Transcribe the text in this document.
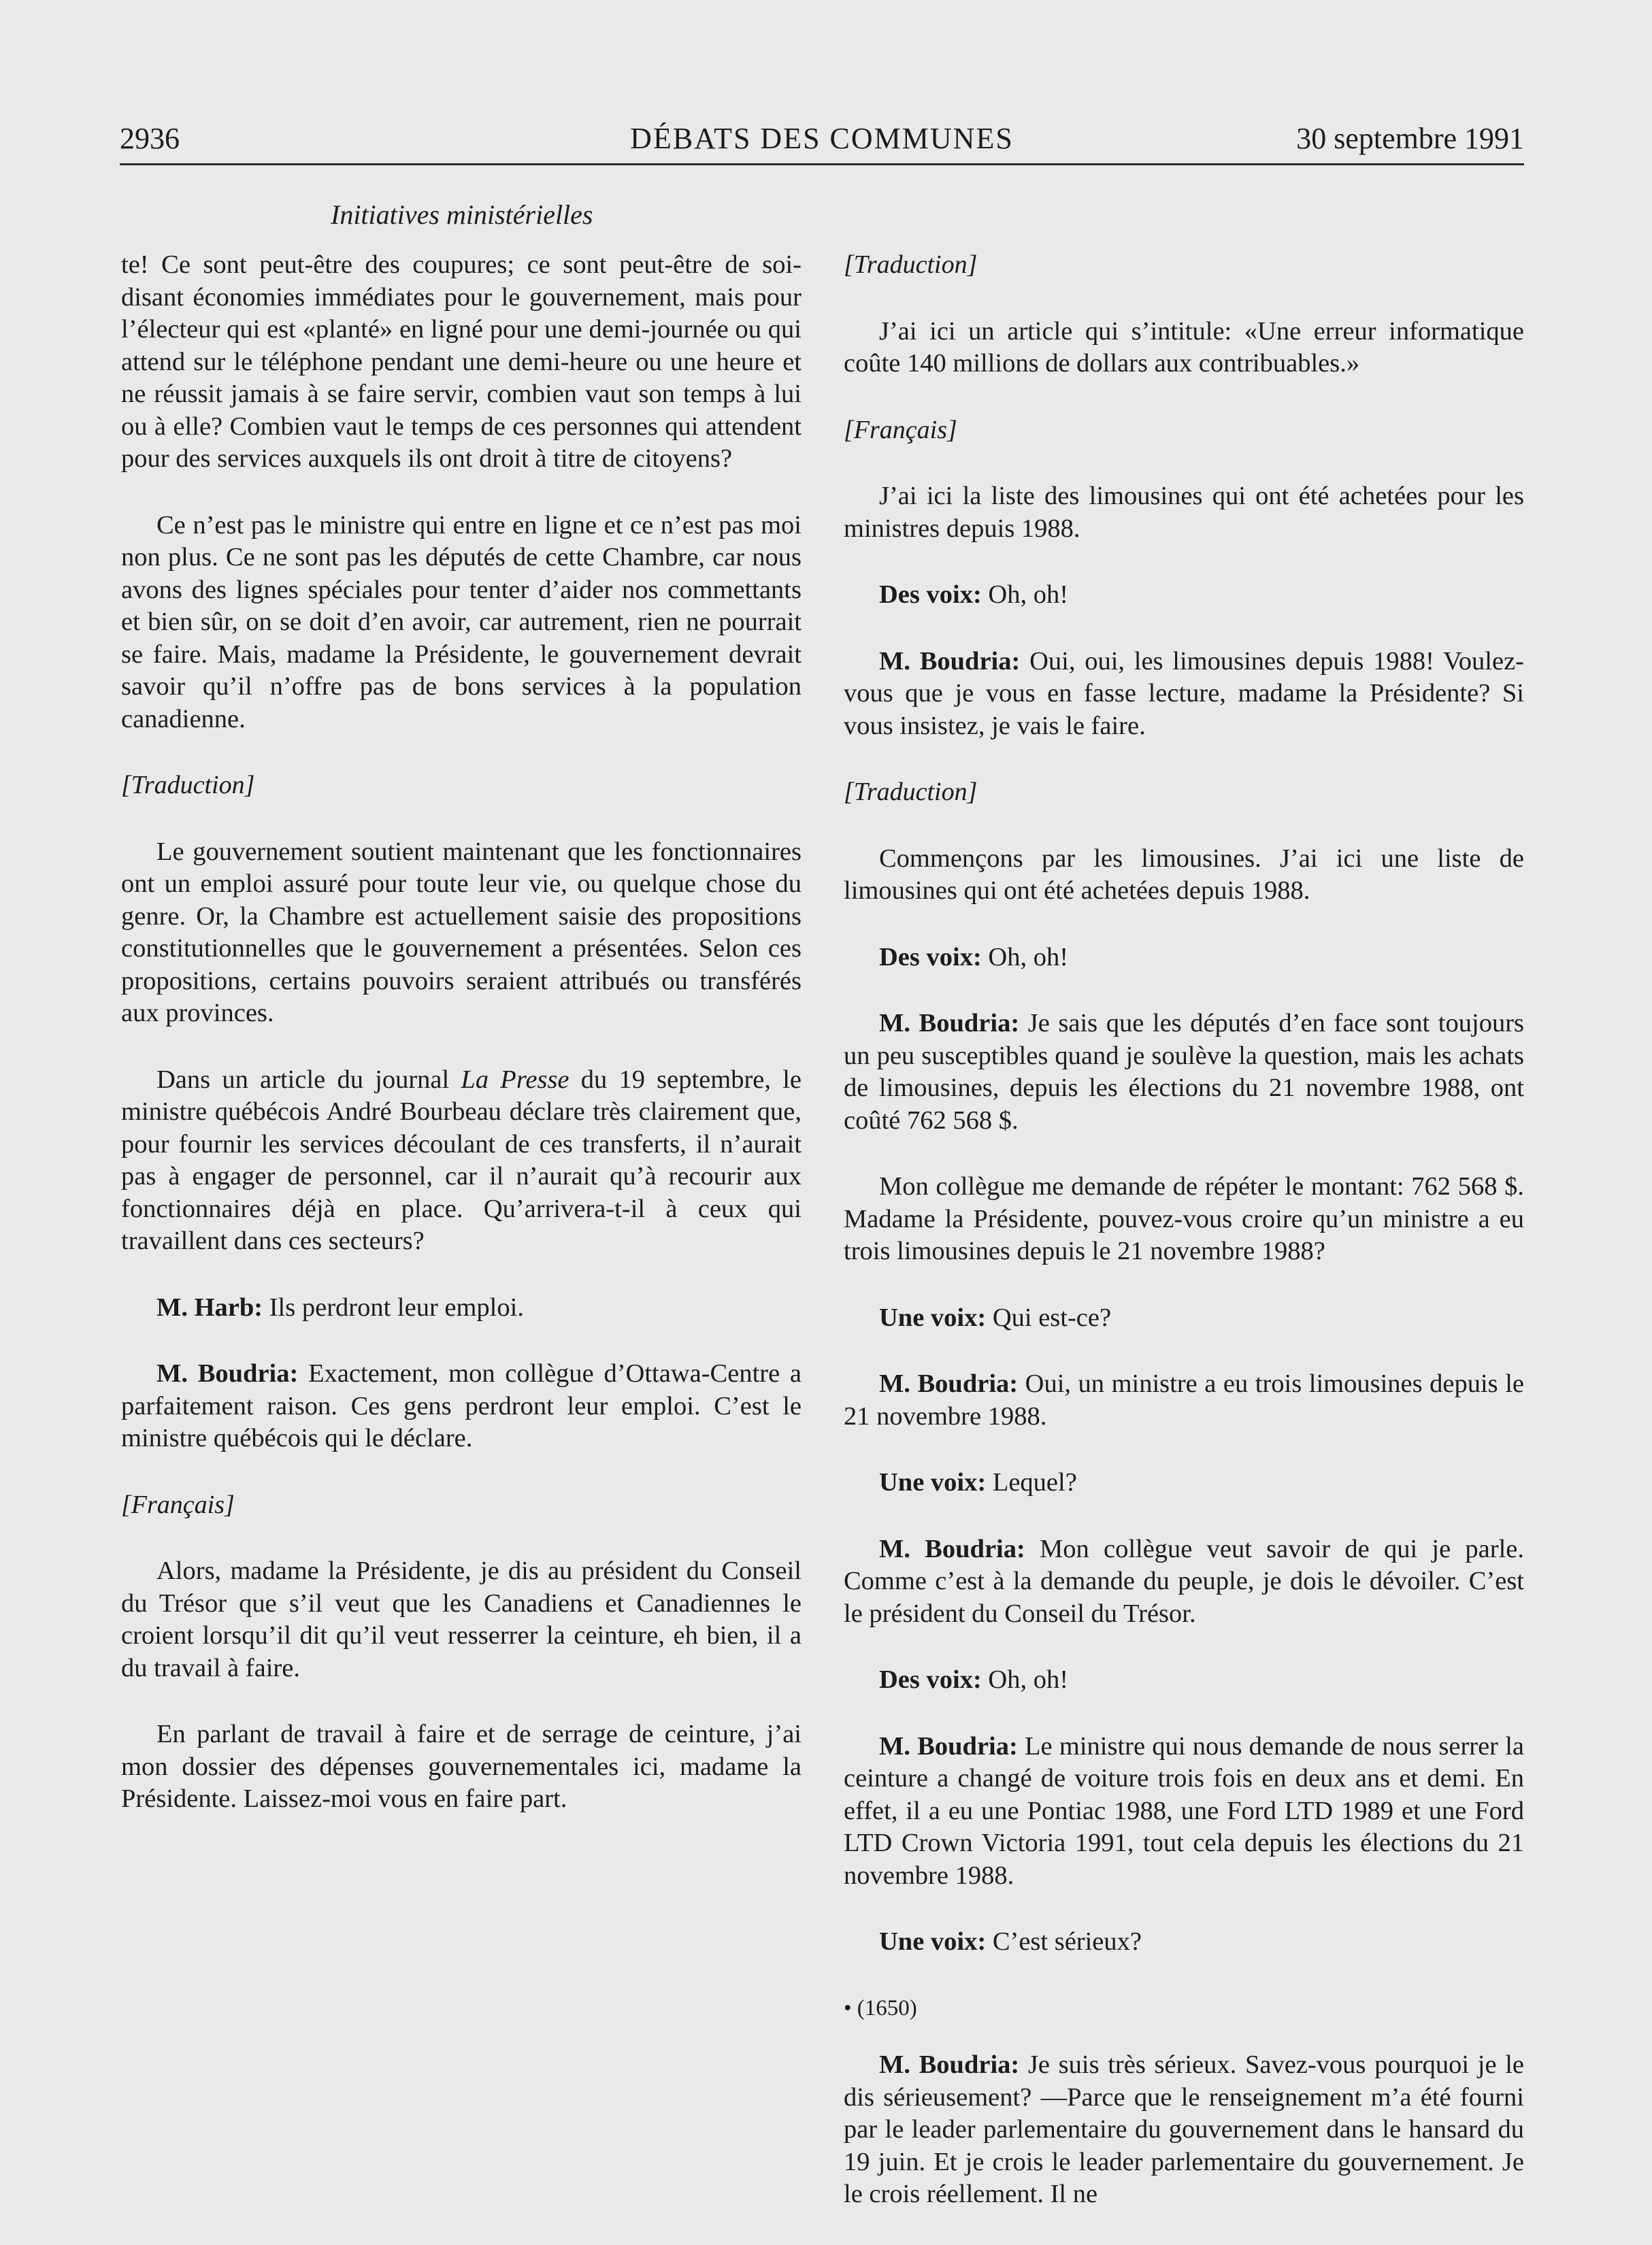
2936	DÉBATS DES COMMUNES	30 septembre 1991
Initiatives ministérielles

te! Ce sont peut-être des coupures; ce sont peut-être de soi-disant économies immédiates pour le gouvernement, mais pour l’électeur qui est «planté» en ligné pour une demi-journée ou qui attend sur le téléphone pendant une demi-heure ou une heure et ne réussit jamais à se faire servir, combien vaut son temps à lui ou à elle? Combien vaut le temps de ces personnes qui attendent pour des services auxquels ils ont droit à titre de citoyens?

Ce n’est pas le ministre qui entre en ligne et ce n’est pas moi non plus. Ce ne sont pas les députés de cette Chambre, car nous avons des lignes spéciales pour tenter d’aider nos commettants et bien sûr, on se doit d’en avoir, car autrement, rien ne pourrait se faire. Mais, madame la Présidente, le gouvernement devrait savoir qu’il n’offre pas de bons services à la population canadienne.

[Traduction]

Le gouvernement soutient maintenant que les fonctionnaires ont un emploi assuré pour toute leur vie, ou quelque chose du genre. Or, la Chambre est actuellement saisie des propositions constitutionnelles que le gouvernement a présentées. Selon ces propositions, certains pouvoirs seraient attribués ou transférés aux provinces.

Dans un article du journal La Presse du 19 septembre, le ministre québécois André Bourbeau déclare très clairement que, pour fournir les services découlant de ces transferts, il n’aurait pas à engager de personnel, car il n’aurait qu’à recourir aux fonctionnaires déjà en place. Qu’arrivera-t-il à ceux qui travaillent dans ces secteurs?

M. Harb: Ils perdront leur emploi.

M. Boudria: Exactement, mon collègue d’Ottawa-Centre a parfaitement raison. Ces gens perdront leur emploi. C’est le ministre québécois qui le déclare.

[Français]

Alors, madame la Présidente, je dis au président du Conseil du Trésor que s’il veut que les Canadiens et Canadiennes le croient lorsqu’il dit qu’il veut resserrer la ceinture, eh bien, il a du travail à faire.

En parlant de travail à faire et de serrage de ceinture, j’ai mon dossier des dépenses gouvernementales ici, madame la Présidente. Laissez-moi vous en faire part.

[Traduction]

J’ai ici un article qui s’intitule: «Une erreur informatique coûte 140 millions de dollars aux contribuables.»

[Français]

J’ai ici la liste des limousines qui ont été achetées pour les ministres depuis 1988.

Des voix: Oh, oh!

M. Boudria: Oui, oui, les limousines depuis 1988! Voulez-vous que je vous en fasse lecture, madame la Présidente? Si vous insistez, je vais le faire.

[Traduction]

Commençons par les limousines. J’ai ici une liste de limousines qui ont été achetées depuis 1988.

Des voix: Oh, oh!

M. Boudria: Je sais que les députés d’en face sont toujours un peu susceptibles quand je soulève la question, mais les achats de limousines, depuis les élections du 21 novembre 1988, ont coûté 762 568 $.

Mon collègue me demande de répéter le montant: 762 568 $. Madame la Présidente, pouvez-vous croire qu’un ministre a eu trois limousines depuis le 21 novembre 1988?

Une voix: Qui est-ce?

M. Boudria: Oui, un ministre a eu trois limousines depuis le 21 novembre 1988.

Une voix: Lequel?

M. Boudria: Mon collègue veut savoir de qui je parle. Comme c’est à la demande du peuple, je dois le dévoiler. C’est le président du Conseil du Trésor.

Des voix: Oh, oh!

M. Boudria: Le ministre qui nous demande de nous serrer la ceinture a changé de voiture trois fois en deux ans et demi. En effet, il a eu une Pontiac 1988, une Ford LTD 1989 et une Ford LTD Crown Victoria 1991, tout cela depuis les élections du 21 novembre 1988.

Une voix: C’est sérieux?

• (1650)

M. Boudria: Je suis très sérieux. Savez-vous pourquoi je le dis sérieusement? —Parce que le renseignement m’a été fourni par le leader parlementaire du gouvernement dans le hansard du 19 juin. Et je crois le leader parlementaire du gouvernement. Je le crois réellement. Il ne
